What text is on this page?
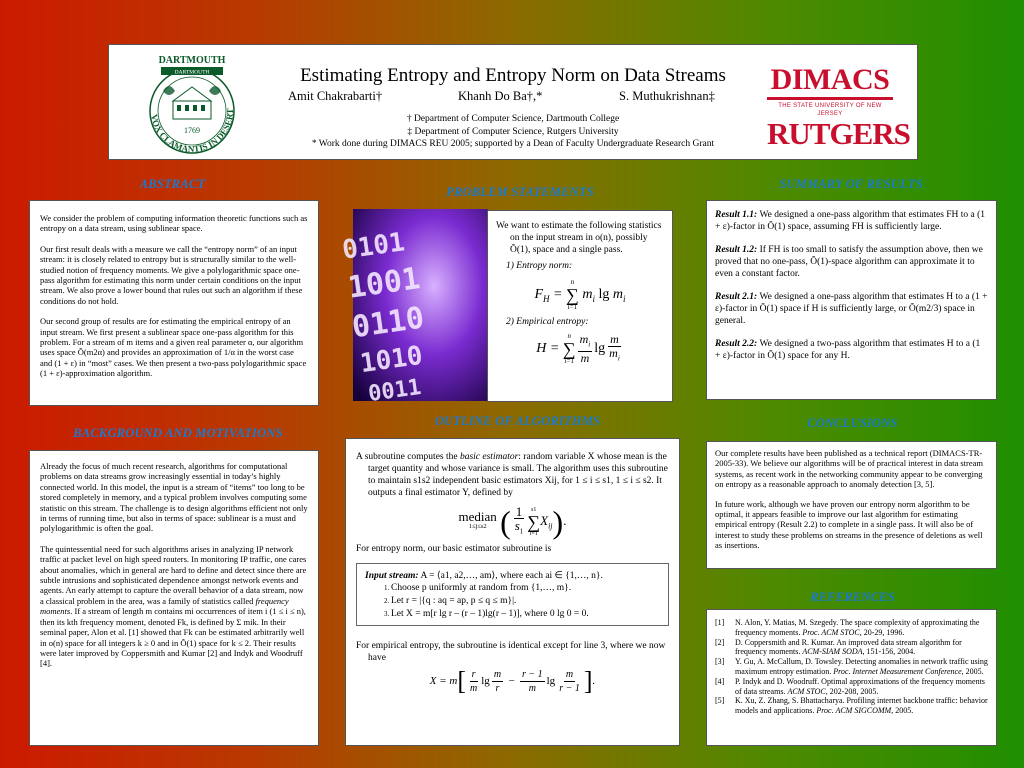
DARTMOUTH
DARTMOUTH
1769
VOX CLAMANTIS IN DESERT
Estimating Entropy and Entropy Norm on Data Streams
Amit Chakrabarti†	Khanh Do Ba†,*	S. Muthukrishnan‡
† Department of Computer Science, Dartmouth College
‡ Department of Computer Science, Rutgers University
* Work done during DIMACS REU 2005; supported by a Dean of Faculty Undergraduate Research Grant
DIMACS
THE STATE UNIVERSITY OF NEW JERSEY
RUTGERS
ABSTRACT

We consider the problem of computing information theoretic functions such as entropy on a data stream, using sublinear space.

Our first result deals with a measure we call the “entropy norm” of an input stream: it is closely related to entropy but is structurally similar to the well-studied notion of frequency moments. We give a polylogarithmic space one-pass algorithm for estimating this norm under certain conditions on the input stream. We also prove a lower bound that rules out such an algorithm if these conditions do not hold.

Our second group of results are for estimating the empirical entropy of an input stream. We first present a sublinear space one-pass algorithm for this problem. For a stream of m items and a given real parameter α, our algorithm uses space Õ(m2α) and provides an approximation of 1/α in the worst case and (1 + ε) in “most” cases. We then present a two-pass polylogarithmic space (1 + ε)-approximation algorithm.

BACKGROUND AND MOTIVATIONS

Already the focus of much recent research, algorithms for computational problems on data streams grow increasingly essential in today’s highly connected world. In this model, the input is a stream of “items” too long to be stored completely in memory, and a typical problem involves computing some statistic on this stream. The challenge is to design algorithms efficient not only in terms of running time, but also in terms of space: sublinear is a must and polylogarithmic is often the goal.

The quintessential need for such algorithms arises in analyzing IP network traffic at packet level on high speed routers. In monitoring IP traffic, one cares about anomalies, which in general are hard to define and detect since there are subtle intrusions and sophisticated dependence amongst network events and agents. An early attempt to capture the overall behavior of a data stream, now a classical problem in the area, was a family of statistics called frequency moments. If a stream of length m contains mi occurrences of item i (1 ≤ i ≤ n), then its kth frequency moment, denoted Fk, is defined by Σ mik. In their seminal paper, Alon et al. [1] showed that Fk can be estimated arbitrarily well in o(n) space for all integers k ≥ 0 and in Õ(1) space for k ≤ 2. Their results were later improved by Coppersmith and Kumar [2] and Indyk and Woodruff [4].

PROBLEM STATEMENTS
0101
1001
0110
1010
0011
We want to estimate the following statistics on the input stream in o(n), possibly Õ(1), space and a single pass.
1) Entropy norm:
$F_H$ =
n
∑
i=1
$m_i$ $\lg m_i$
2) Empirical entropy:
H =
n
∑
$i=1 \frac{m_i}{m}$ $\lg \frac{m}{m_i}$
SUMMARY OF RESULTS

Result 1.1: We designed a one-pass algorithm that estimates FH to a (1 + ε)-factor in Õ(1) space, assuming FH is sufficiently large.

Result 1.2: If FH is too small to satisfy the assumption above, then we proved that no one-pass, Õ(1)-space algorithm can approximate it to even a constant factor.

Result 2.1: We designed a one-pass algorithm that estimates H to a (1 + ε)-factor in Õ(1) space if H is sufficiently large, or Õ(m2/3) space in general.

Result 2.2: We designed a two-pass algorithm that estimates H to a (1 + ε)-factor in Õ(1) space for any H.

OUTLINE OF ALGORITHMS
A subroutine computes the basic estimator: random variable X whose mean is the target quantity and whose variance is small. The algorithm uses this subroutine to maintain s1s2 independent basic estimators Xij, for 1 ≤ i ≤ s1, 1 ≤ i ≤ s2. It outputs a final estimator Y, defined by
median
1≤j≤s2 ( $\frac{1}{s_1} s1$
∑
i=1
$X_{ij}$).
For entropy norm, our basic estimator subroutine is
Input stream: A = ⟨a1, a2,…, am⟩, where each ai ∈ {1,…, n}.
1. Choose p uniformly at random from {1,…, m}.
2. Let r = |{q : aq = ap, p ≤ q ≤ m}|.
3. Let X = m[r lg r – (r – 1)lg(r – 1)], where 0 lg 0 = 0.
For empirical entropy, the subroutine is identical except for line 3, where we now have
$X = m[ \frac{r}{m}$ $\lg \frac{m}{r} - \frac{r - 1}{m}$ $\lg \frac{m}{r - 1}$ ].
CONCLUSIONS

Our complete results have been published as a technical report (DIMACS-TR-2005-33). We believe our algorithms will be of practical interest in data stream systems, as recent work in the networking community appear to be converging on entropy as a reasonable approach to anomaly detection [3, 5].

In future work, although we have proven our entropy norm algorithm to be optimal, it appears feasible to improve our last algorithm for estimating empirical entropy (Result 2.2) to complete in a single pass. It will also be of interest to study these problems on streams in the presence of deletions as well as insertions.

REFERENCES
[1]	N. Alon, Y. Matias, M. Szegedy. The space complexity of approximating the frequency moments. Proc. ACM STOC, 20-29, 1996.
[2]	D. Coppersmith and R. Kumar. An improved data stream algorithm for frequency moments. ACM-SIAM SODA, 151-156, 2004.
[3]	Y. Gu, A. McCallum, D. Towsley. Detecting anomalies in network traffic using maximum entropy estimation. Proc. Internet Measurement Conference, 2005.
[4]	P. Indyk and D. Woodruff. Optimal approximations of the frequency moments of data streams. ACM STOC, 202-208, 2005.
[5]	K. Xu, Z. Zhang, S. Bhattacharya. Profiling internet backbone traffic: behavior models and applications. Proc. ACM SIGCOMM, 2005.
